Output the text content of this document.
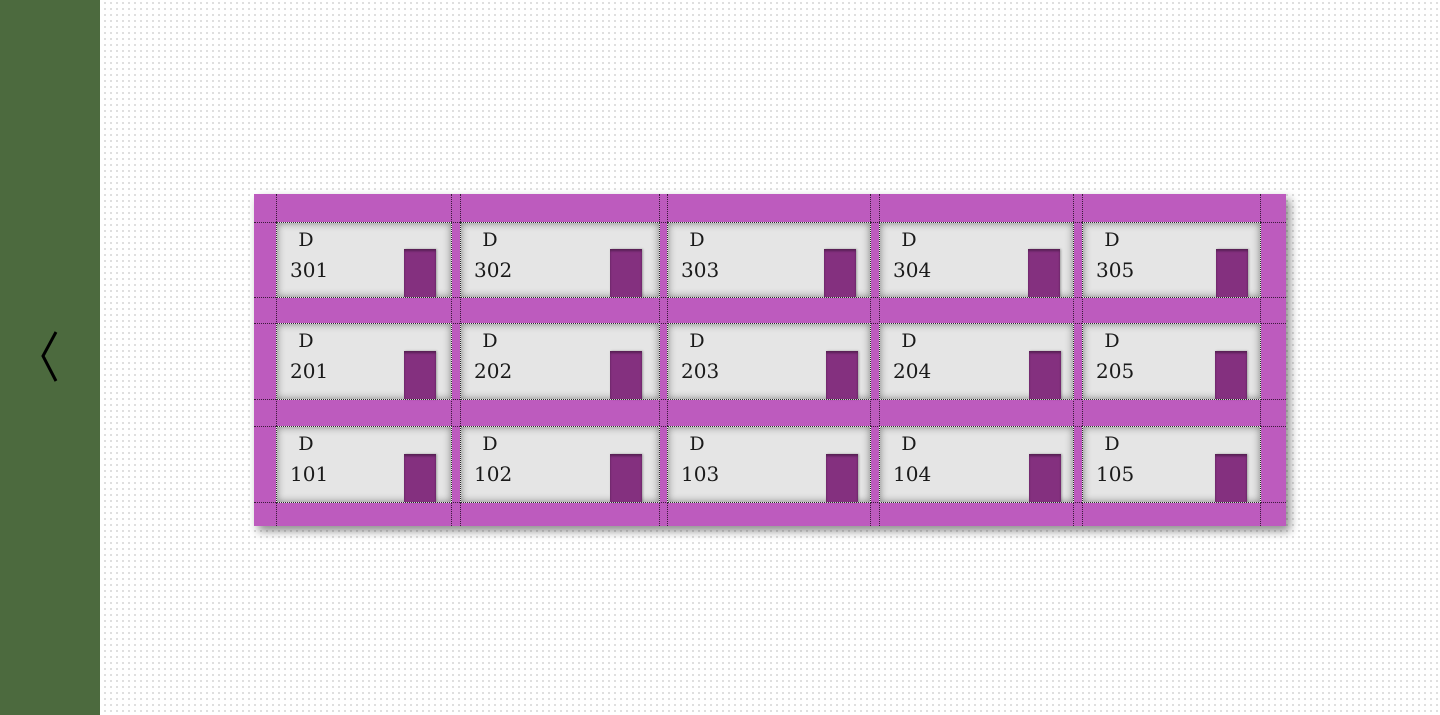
D
301
D
302
D
303
D
304
D
305
D
201
D
202
D
203
D
204
D
205
D
101
D
102
D
103
D
104
D
105
